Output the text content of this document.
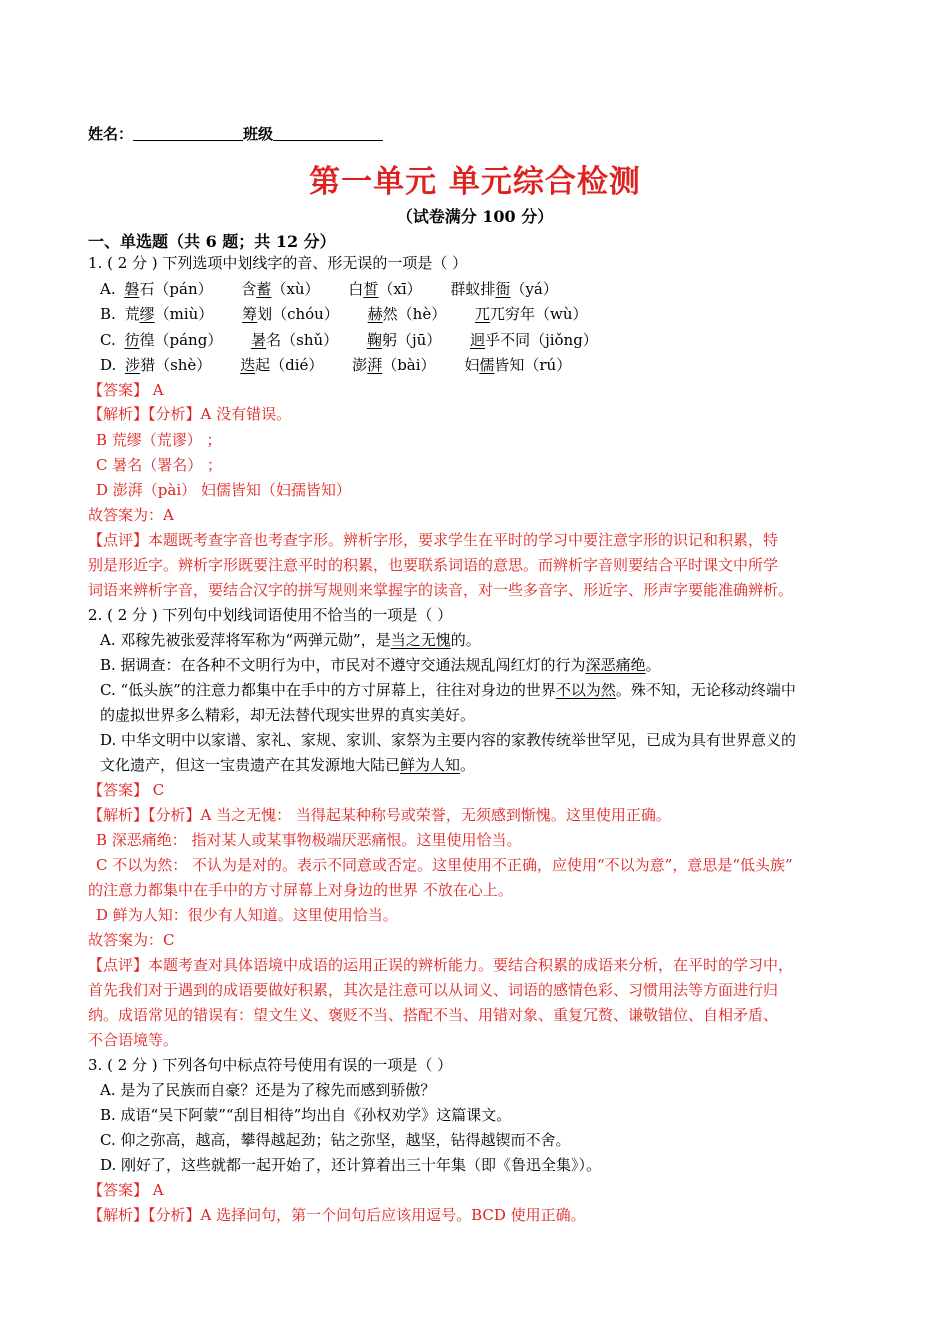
姓名：	班级
第一单元 单元综合检测
（试卷满分 100 分）
一、单选题（共 6 题；共 12 分）
1. ( 2 分 ) 下列选项中划线字的音、形无误的一项是（ ）
A. 磐石（pán） 含蓄（xù） 白皙（xī） 群蚁排衙（yá）
B. 荒缪（miù） 筹划（chóu） 赫然（hè） 兀兀穷年（wù）
C. 彷徨（páng） 暑名（shǔ） 鞠躬（jū） 迥乎不同（jiǒng）
D. 涉猎（shè） 迭起（dié） 澎湃（bài） 妇儒皆知（rú）
【答案】 A
【解析】【分析】A 没有错误。
B 荒缪（荒谬） ；
C 暑名（署名） ；
D 澎湃（pài） 妇儒皆知（妇孺皆知）
故答案为：A
【点评】本题既考查字音也考查字形。辨析字形，要求学生在平时的学习中要注意字形的识记和积累，特
别是形近字。辨析字形既要注意平时的积累，也要联系词语的意思。而辨析字音则要结合平时课文中所学
词语来辨析字音，要结合汉字的拼写规则来掌握字的读音，对一些多音字、形近字、形声字要能准确辨析。
2. ( 2 分 ) 下列句中划线词语使用不恰当的一项是（ ）
A. 邓稼先被张爱萍将军称为“两弹元勋”，是当之无愧的。
B. 据调查：在各种不文明行为中，市民对不遵守交通法规乱闯红灯的行为深恶痛绝。
C. “低头族”的注意力都集中在手中的方寸屏幕上，往往对身边的世界不以为然。殊不知，无论移动终端中
的虚拟世界多么精彩，却无法替代现实世界的真实美好。
D. 中华文明中以家谱、家礼、家规、家训、家祭为主要内容的家教传统举世罕见，已成为具有世界意义的
文化遗产，但这一宝贵遗产在其发源地大陆已鲜为人知。
【答案】 C
【解析】【分析】A 当之无愧： 当得起某种称号或荣誉，无须感到惭愧。这里使用正确。
B 深恶痛绝： 指对某人或某事物极端厌恶痛恨。这里使用恰当。
C 不以为然： 不认为是对的。表示不同意或否定。这里使用不正确，应使用“不以为意”，意思是“低头族”
的注意力都集中在手中的方寸屏幕上对身边的世界 不放在心上。
D 鲜为人知：很少有人知道。这里使用恰当。
故答案为：C
【点评】本题考查对具体语境中成语的运用正误的辨析能力。要结合积累的成语来分析，在平时的学习中，
首先我们对于遇到的成语要做好积累，其次是注意可以从词义、词语的感情色彩、习惯用法等方面进行归
纳。成语常见的错误有：望文生义、褒贬不当、搭配不当、用错对象、重复冗赘、谦敬错位、自相矛盾、
不合语境等。
3. ( 2 分 ) 下列各句中标点符号使用有误的一项是（ ）
A. 是为了民族而自豪？还是为了稼先而感到骄傲？
B. 成语“吴下阿蒙”“刮目相待”均出自《孙权劝学》这篇课文。
C. 仰之弥高，越高，攀得越起劲；钻之弥坚，越坚，钻得越锲而不舍。
D. 刚好了，这些就都一起开始了，还计算着出三十年集（即《鲁迅全集》）。
【答案】 A
【解析】【分析】A 选择问句，第一个问句后应该用逗号。BCD 使用正确。
